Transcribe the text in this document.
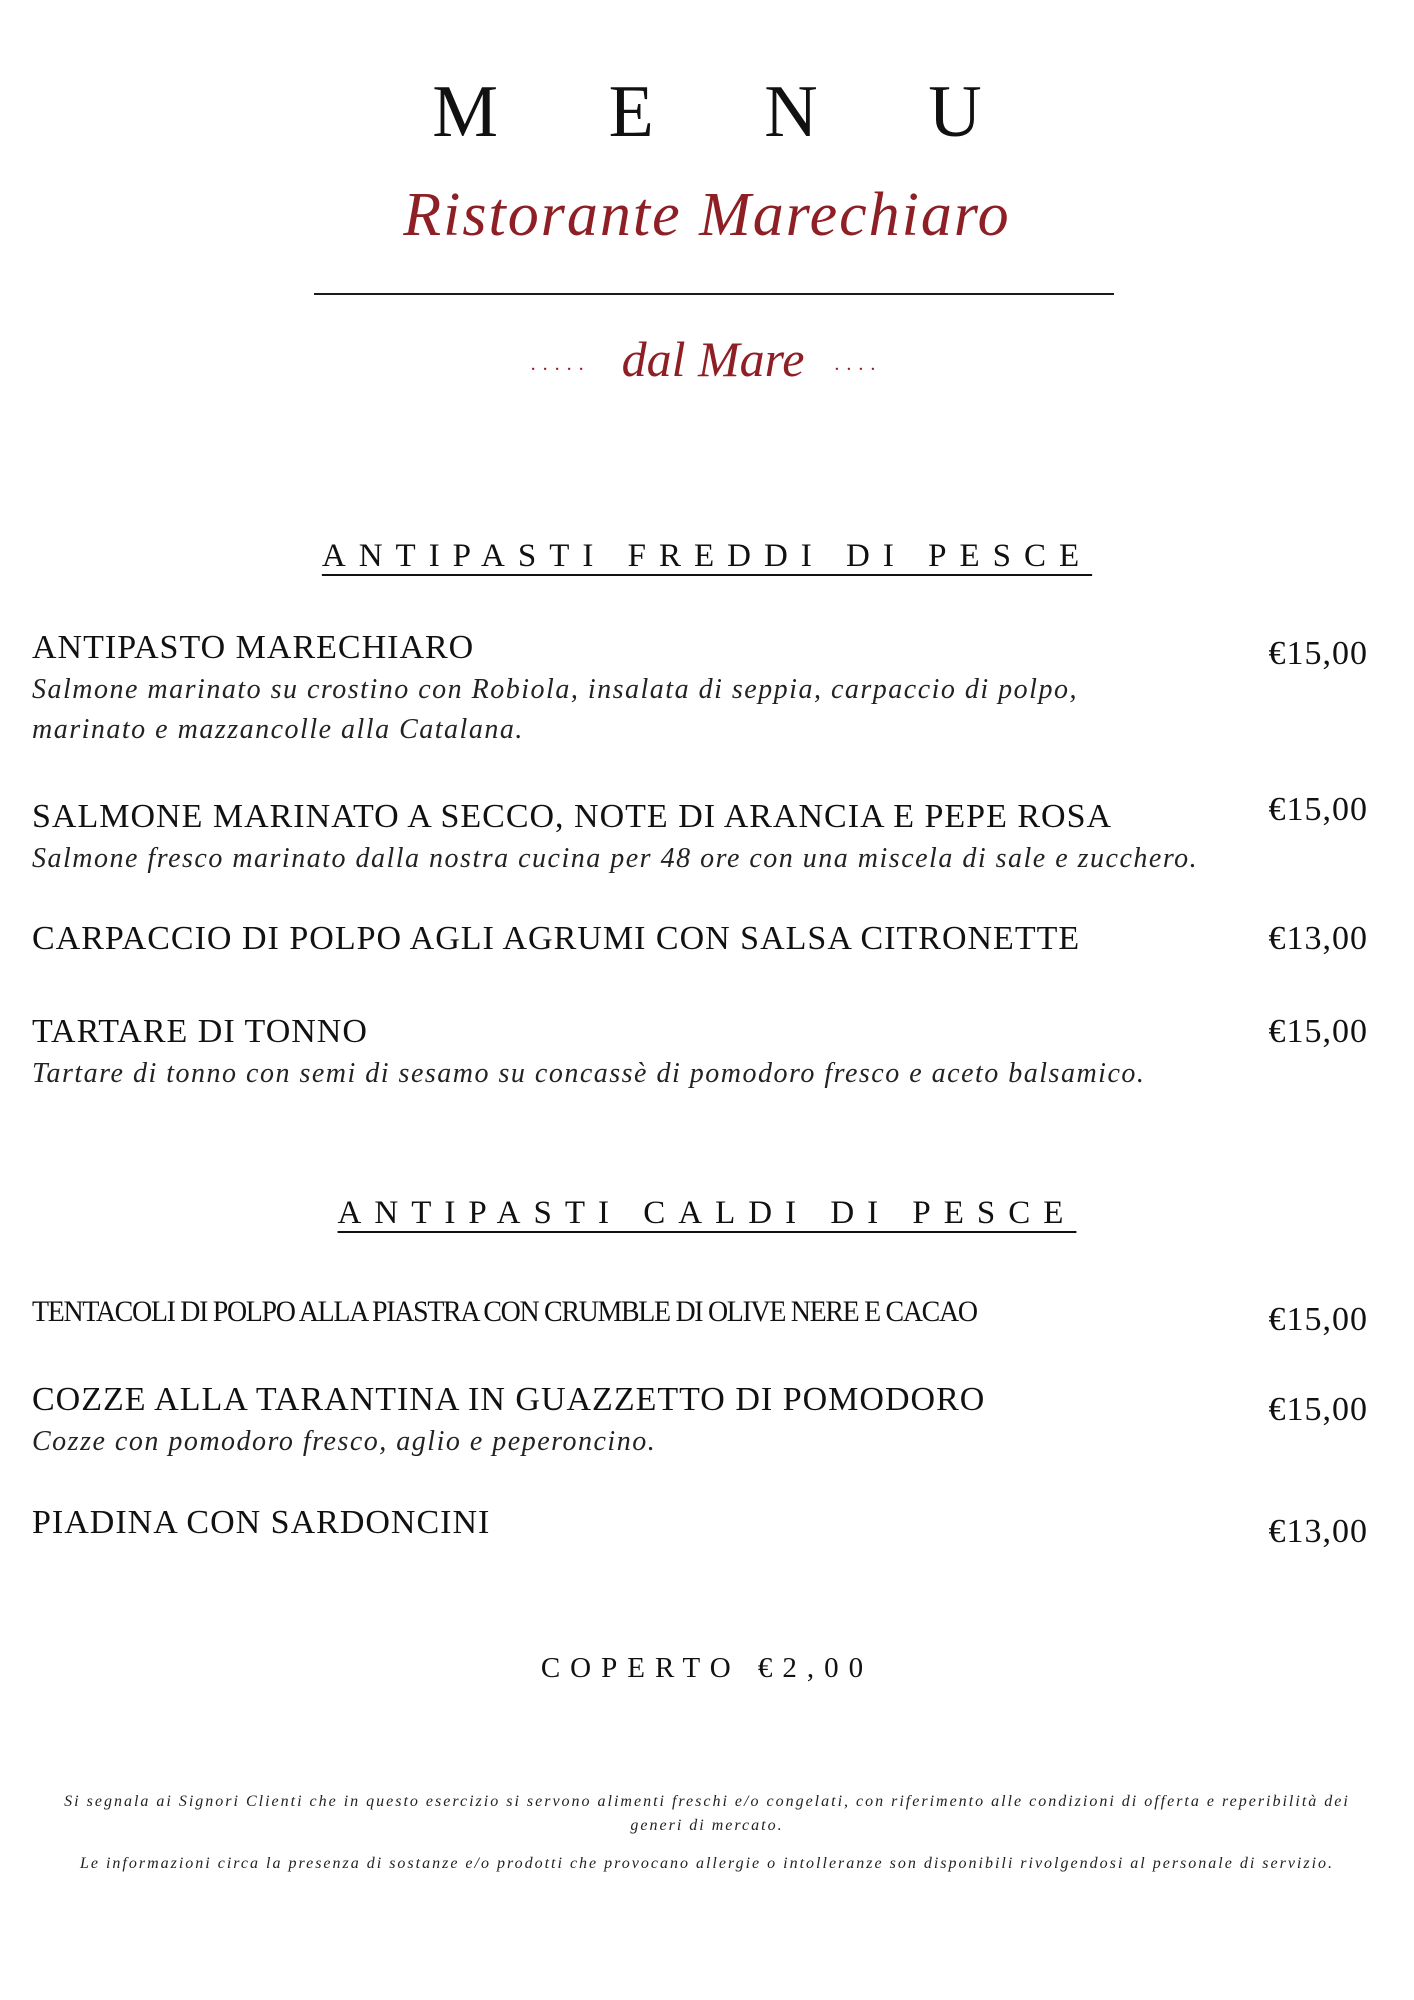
M E N U
Ristorante Marechiaro
..... dal Mare ....
ANTIPASTI FREDDI DI PESCE
ANTIPASTO MARECHIARO
Salmone marinato su crostino con Robiola, insalata di seppia, carpaccio di polpo, marinato e mazzancolle alla Catalana.
€15,00
SALMONE MARINATO A SECCO, NOTE DI ARANCIA E PEPE ROSA
Salmone fresco marinato dalla nostra cucina per 48 ore con una miscela di sale e zucchero.
€15,00
CARPACCIO DI POLPO AGLI AGRUMI CON SALSA CITRONETTE	€13,00
TARTARE DI TONNO
Tartare di tonno con semi di sesamo su concassè di pomodoro fresco e aceto balsamico.
€15,00
ANTIPASTI CALDI DI PESCE
TENTACOLI DI POLPO ALLA PIASTRA CON CRUMBLE DI OLIVE NERE E CACAO	€15,00
COZZE ALLA TARANTINA IN GUAZZETTO DI POMODORO
Cozze con pomodoro fresco, aglio e peperoncino.
€15,00
PIADINA CON SARDONCINI	€13,00
COPERTO €2,00

Si segnala ai Signori Clienti che in questo esercizio si servono alimenti freschi e/o congelati, con riferimento alle condizioni di offerta e reperibilità dei generi di mercato.

Le informazioni circa la presenza di sostanze e/o prodotti che provocano allergie o intolleranze son disponibili rivolgendosi al personale di servizio.
